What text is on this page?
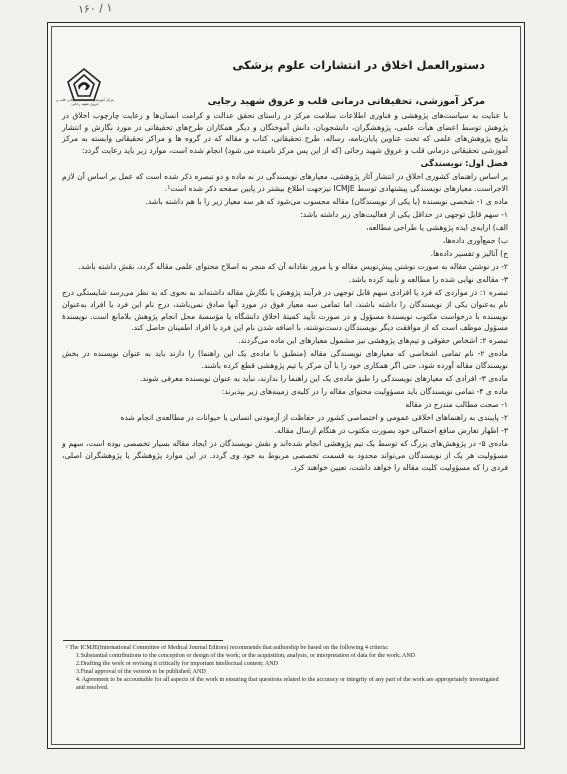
۱۶۰ / ۱
مرکز آموزشی تحقیقاتی درمانی قلب و عروق شهید رجایی
دستورالعمل اخلاق در انتشارات علوم پزشکی
مرکز آموزشی، تحقیقاتی درمانی قلب و عروق شهید رجایی

با عنایت به سیاست‌های پژوهشی و فناوری اطلاعات سلامت مرکز در راستای تحقق عدالت و کرامت انسان‌ها و رعایت چارچوب اخلاق در پژوهش توسط اعضای هیأت علمی، پژوهشگران، دانشجویان، دانش آموختگان و دیگر همکاران طرح‌های تحقیقاتی در مورد نگارش و انتشار نتایج پژوهش‌های علمی که تحت عناوین پایان‌نامه، رساله، طرح تحقیقاتی، کتاب و مقاله که در گروه ها و مراکز تحقیقاتی وابسته به مرکز آموزشی تحقیقاتی درمانی قلب و عروق شهید رجائی (که از این پس مرکز نامیده می شود) انجام شده است، موارد زیر باید رعایت گردد:

فصل اول: نویسندگی

بر اساس راهنمای کشوری اخلاق در انتشار آثار پژوهشی، معیارهای نویسندگی در نه ماده و دو تبصره ذکر شده است که عمل بر اساس آن لازم الاجراست. معیارهای نویسندگی پیشنهادی توسط ICMJE نیزجهت اطلاع بیشتر در پایین صفحه ذکر شده است¹.

ماده ی ۱- شخصی نویسنده (یا یکی از نویسندگان) مقاله محسوب می‌شود که هر سه معیار زیر را با هم داشته باشد.

۱- سهم قابل توجهی در حداقل یکی از فعالیت‌های زیر داشته باشد:

الف) ارایه‌ی ایده پژوهشی یا طراحی مطالعه،

ب) جمع‌آوری داده‌ها،

ج) آنالیز و تفسیر داده‌ها.

۲- در نوشتن مقاله به صورت نوشتن پیش‌نویس مقاله و یا مرور نقادانه آن که منجر به اصلاح محتوای علمی مقاله گردد، نقش داشته باشد.

۳- مقاله‌ی نهایی شده را مطالعه و تأیید کرده باشد.

تبصره ۱: در مواردی که فرد یا افرادی سهم قابل توجهی در فرآیند پژوهش یا نگارش مقاله داشته‌اند به نحوی که به نظر می‌رسد شایستگی درج نام به‌عنوان یکی از نویسندگان را داشته باشند، اما تمامی سه معیار فوق در مورد آنها صادق نمی‌باشد، درج نام این فرد یا افراد به‌عنوان نویسنده با درخواست مکتوب نویسندهٔ مسؤول و در صورت تأیید کمیتهٔ اخلاق دانشگاه یا مؤسسهٔ محل انجام پژوهش بلامانع است. نویسندهٔ مسؤول موظف است که از موافقت دیگر نویسندگان دست‌نوشته، با اضافه شدن نام این فرد یا افراد اطمینان حاصل کند.

تبصره ۲: اشخاص حقوقی و تیم‌های پژوهشی نیز مشمول معیارهای این ماده می‌گردند.

ماده‌ی ۲- نام تمامی اشخاصی که معیارهای نویسندگی مقاله (منطبق با ماده‌ی یک این راهنما) را دارند باید به عنوان نویسنده در بخش نویسندگان مقاله آورده شود، حتی اگر همکاری خود را با آن مرکز یا تیم پژوهشی قطع کرده باشند.

ماده‌ی ۳- افرادی که معیارهای نویسندگی را طبق ماده‌ی یک این راهنما را ندارند، نباید به عنوان نویسنده معرفی شوند.

ماده ی ۴- تمامی نویسندگان باید مسؤولیت محتوای مقاله را در کلیه‌ی زمینه‌های زیر بپذیرند:

۱- صحت مطالب مندرج در مقاله

۲- پایبندی به راهنماهای اخلاقی عمومی و اختصاصی کشور در حفاظت از آزمودنی انسانی یا حیوانات در مطالعه‌ی انجام شده

۳- اظهار تعارض منافع احتمالی خود بصورت مکتوب در هنگام ارسال مقاله.

ماده‌ی ۵- در پژوهش‌های بزرگ که توسط یک تیم پژوهشی انجام شده‌اند و نقش نویسندگان در ایجاد مقاله بسیار تخصصی بوده است، سهم و مسؤولیت هر یک از نویسندگان می‌تواند محدود به قسمت تخصصی مربوط به خود وی گردد. در این موارد پژوهشگر یا پژوهشگران اصلی، فردی را که مسؤولیت کلیت مقاله را خواهد داشت، تعیین خواهند کرد.

¹ The ICMJE(International Committee of Medical Journal Editors) recommends that authorship be based on the following 4 criteria:

1.Substantial contributions to the conception or design of the work; or the acquisition, analysis, or interpretation of data for the work; AND

2.Drafting the work or revising it critically for important intellectual content; AND

3.Final approval of the version to be published; AND

4. Agreement to be accountable for all aspects of the work in ensuring that questions related to the accuracy or integrity of any part of the work are appropriately investigated and resolved.
